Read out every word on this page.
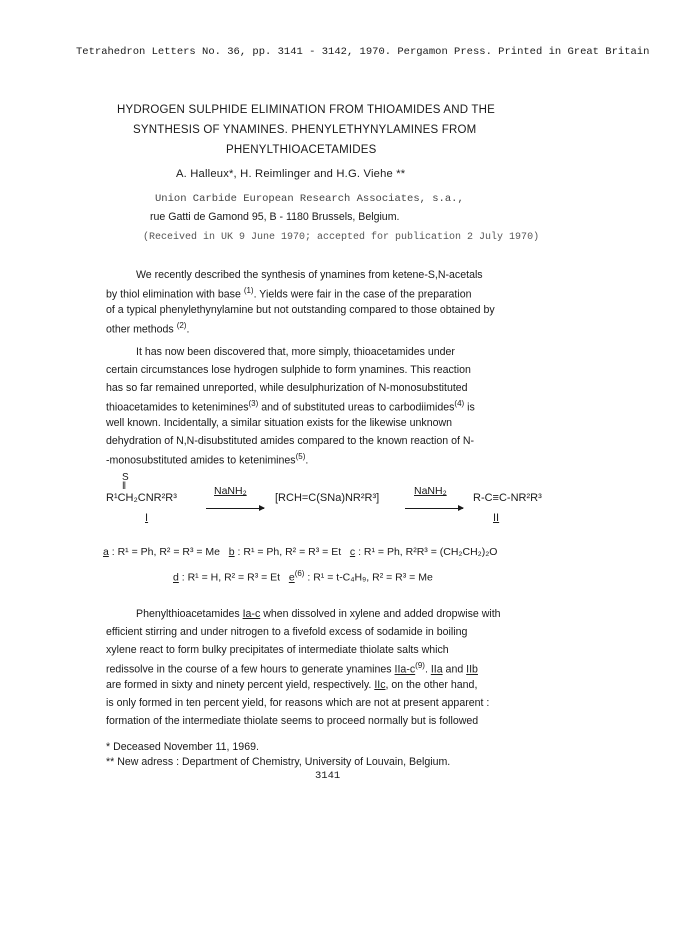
Tetrahedron Letters No. 36, pp. 3141 - 3142, 1970. Pergamon Press. Printed in Great Britain
HYDROGEN SULPHIDE ELIMINATION FROM THIOAMIDES AND THE
SYNTHESIS OF YNAMINES. PHENYLETHYNYLAMINES FROM
PHENYLTHIOACETAMIDES
A. Halleux*, H. Reimlinger and H.G. Viehe **
Union Carbide European Research Associates, s.a.,
rue Gatti de Gamond 95, B - 1180 Brussels, Belgium.
(Received in UK 9 June 1970; accepted for publication 2 July 1970)
We recently described the synthesis of ynamines from ketene-S,N-acetals
by thiol elimination with base $^{(1)}$. Yields were fair in the case of the preparation
of a typical phenylethynylamine but not outstanding compared to those obtained by
other methods $^{(2)}$.
It has now been discovered that, more simply, thioacetamides under
certain circumstances lose hydrogen sulphide to form ynamines. This reaction
has so far remained unreported, while desulphurization of N-monosubstituted
thioacetamides to ketenimines$^{(3)}$ and of substituted ureas to carbodiimides$^{(4)}$ is
well known. Incidentally, a similar situation exists for the likewise unknown
dehydration of N,N-disubstituted amides compared to the known reaction of N-
-monosubstituted amides to ketenimines$^{(5)}$.
S
‖
R¹CH₂CNR²R³
NaNH₂
[RCH=C(SNa)NR²R³]
NaNH₂
R-C≡C-NR²R³
I	II
a : R¹ = Ph, R² = R³ = Me b : R¹ = Ph, R² = R³ = Et c : R¹ = Ph, R²R³ = (CH₂CH₂)₂O
d : R¹ = H, R² = R³ = Et $e^{(6)}$ : R¹ = t-C₄H₉, R² = R³ = Me
Phenylthioacetamides Ia-c when dissolved in xylene and added dropwise with
efficient stirring and under nitrogen to a fivefold excess of sodamide in boiling
xylene react to form bulky precipitates of intermediate thiolate salts which
redissolve in the course of a few hours to generate ynamines IIa-$c^{(9)}$. IIa and IIb
are formed in sixty and ninety percent yield, respectively. IIc, on the other hand,
is only formed in ten percent yield, for reasons which are not at present apparent :
formation of the intermediate thiolate seems to proceed normally but is followed
* Deceased November 11, 1969.
** New adress : Department of Chemistry, University of Louvain, Belgium.
3141
